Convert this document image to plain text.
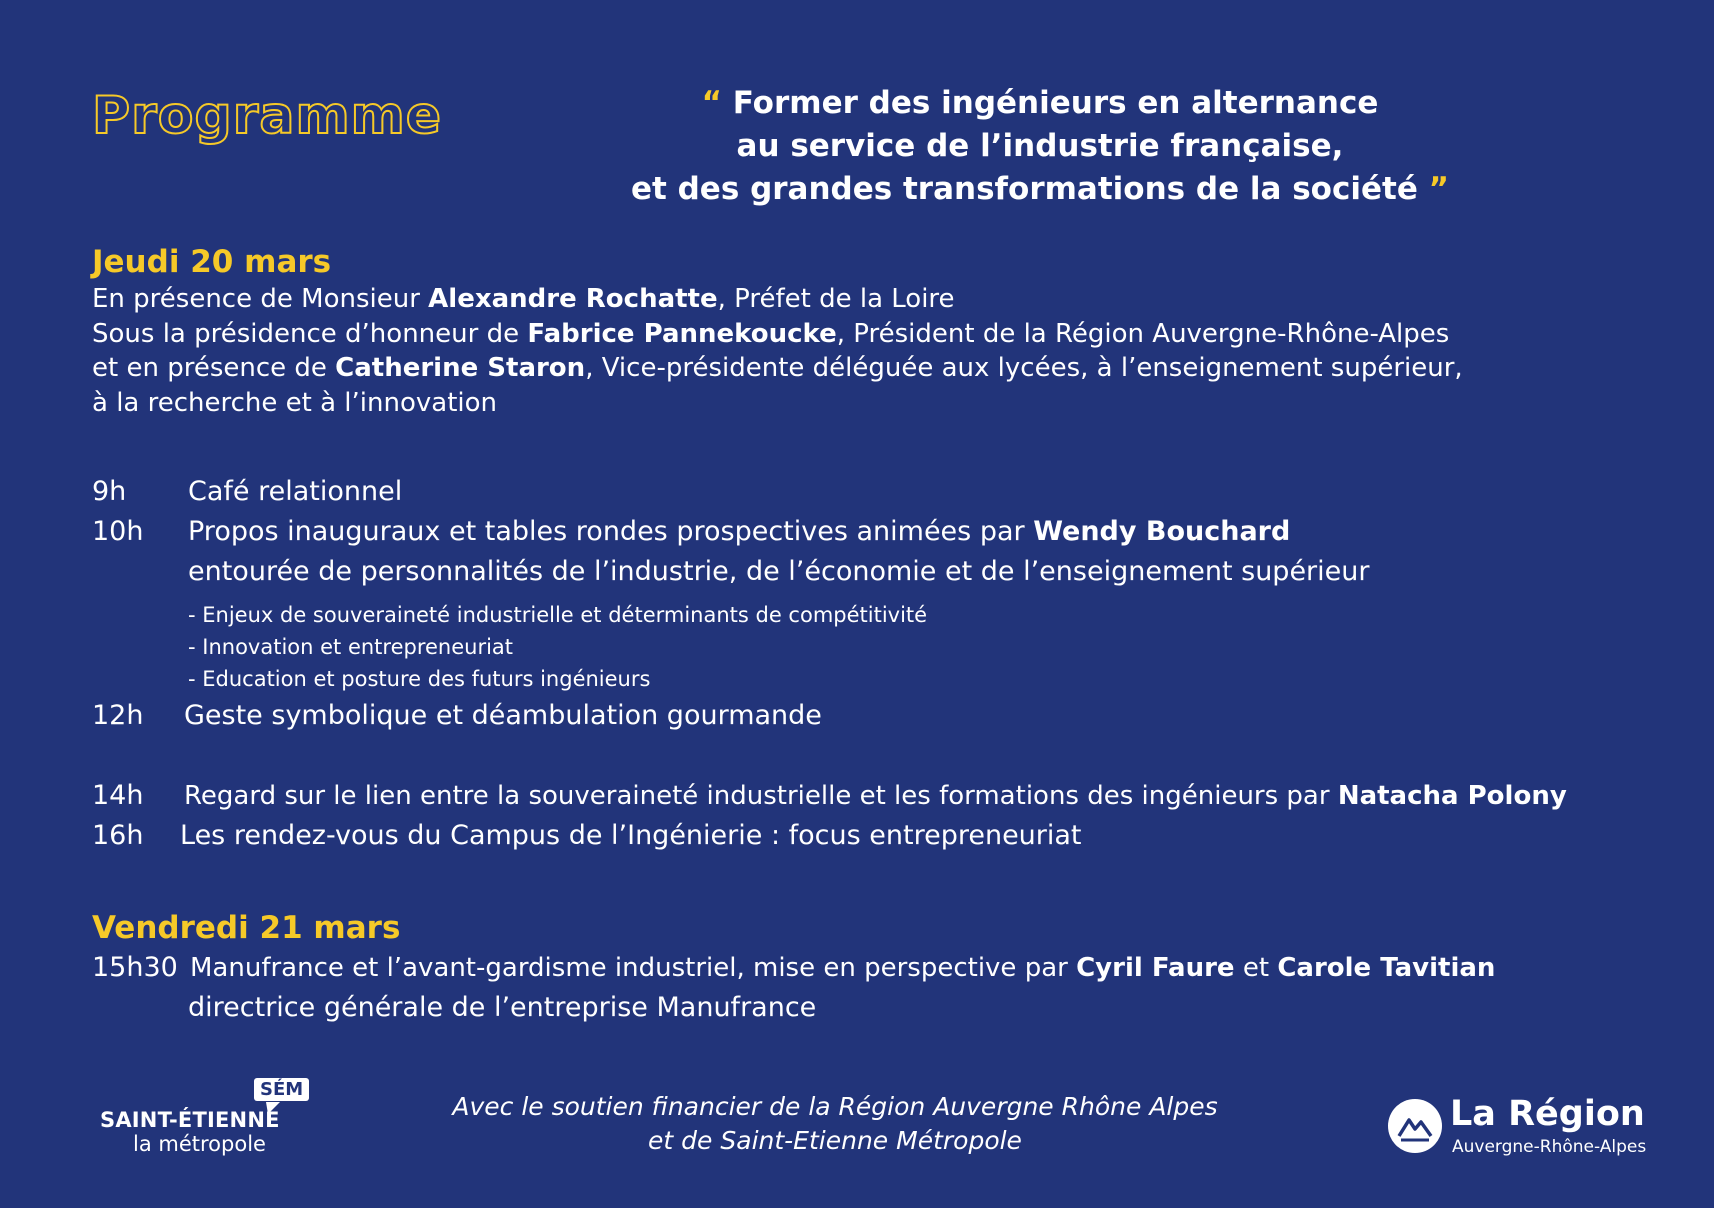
Programme	“ Former des ingénieurs en alternance
au service de l’industrie française,
et des grandes transformations de la société ”
Jeudi 20 mars
En présence de Monsieur Alexandre Rochatte, Préfet de la Loire
Sous la présidence d’honneur de Fabrice Pannekoucke, Président de la Région Auvergne-Rhône-Alpes
et en présence de Catherine Staron, Vice-présidente déléguée aux lycées, à l’enseignement supérieur,
à la recherche et à l’innovation
9h Café relationnel
10h Propos inauguraux et tables rondes prospectives animées par Wendy Bouchard
entourée de personnalités de l’industrie, de l’économie et de l’enseignement supérieur
- Enjeux de souveraineté industrielle et déterminants de compétitivité
- Innovation et entrepreneuriat
- Education et posture des futurs ingénieurs
12h Geste symbolique et déambulation gourmande
14h Regard sur le lien entre la souveraineté industrielle et les formations des ingénieurs par Natacha Polony
16h Les rendez-vous du Campus de l’Ingénierie : focus entrepreneuriat
Vendredi 21 mars
15h30 Manufrance et l’avant-gardisme industriel, mise en perspective par Cyril Faure et Carole Tavitian
directrice générale de l’entreprise Manufrance
SÉM
SAINT-ÉTIENNE
la métropole
Avec le soutien financier de la Région Auvergne Rhône Alpes
et de Saint-Etienne Métropole
La Région
Auvergne-Rhône-Alpes
